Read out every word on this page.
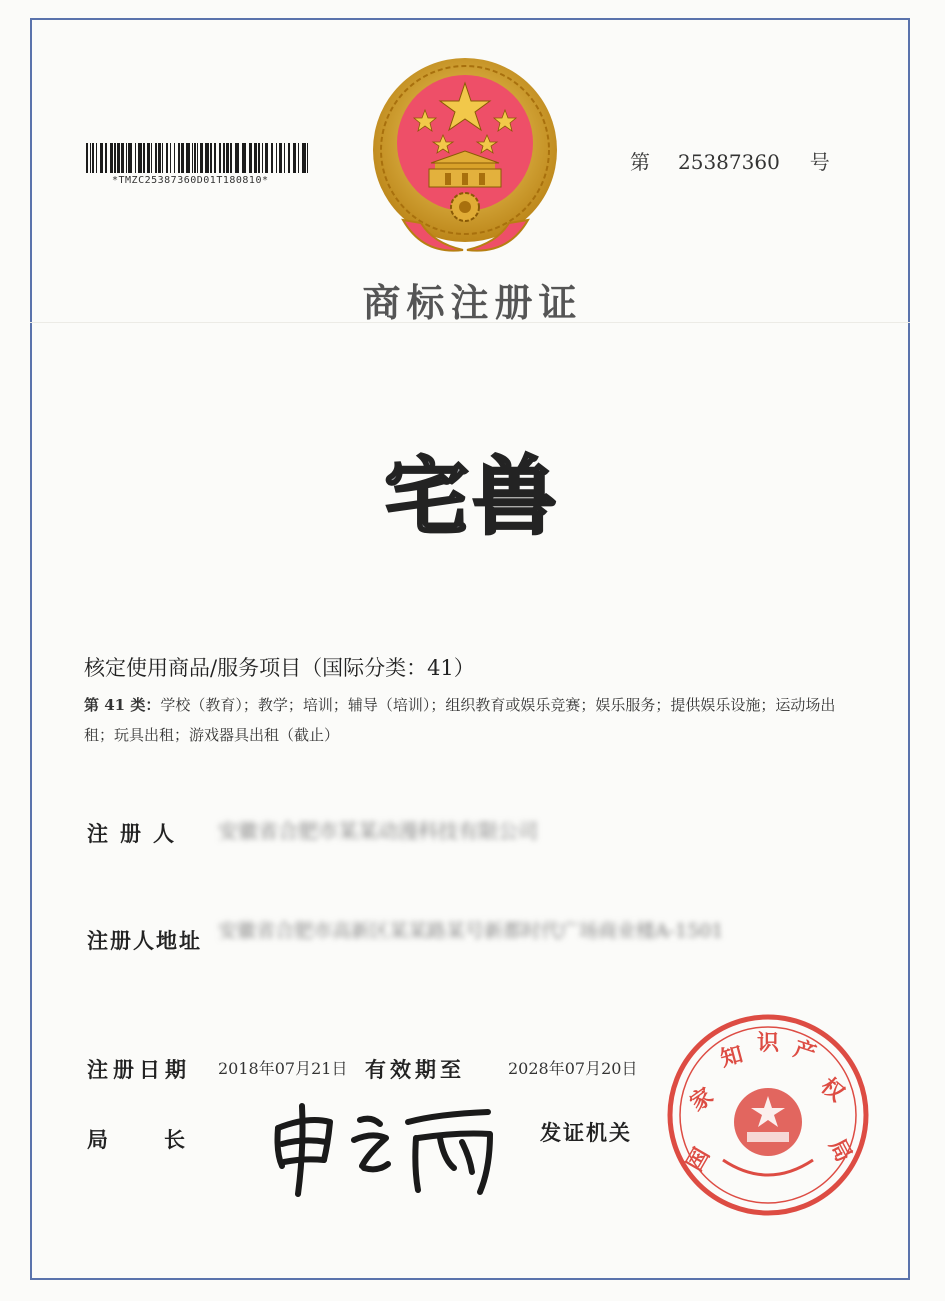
*TMZC25387360D01T180810*
第 25387360 号
商标注册证
宅兽
核定使用商品/服务项目（国际分类：41）
第 41 类：学校（教育）；教学；培训；辅导（培训）；组织教育或娱乐竞赛；娱乐服务；提供娱乐设施；运动场出租；玩具出租；游戏器具出租（截止）
注册人 安徽省合肥市某某动漫科技有限公司
注册人地址 安徽省合肥市高新区某某路某号新都时代广场商业楼A-1501
注册日期 2018年07月21日 有效期至	2028年07月20日
局长	发证机关
国
家
知 识 产
权
局
